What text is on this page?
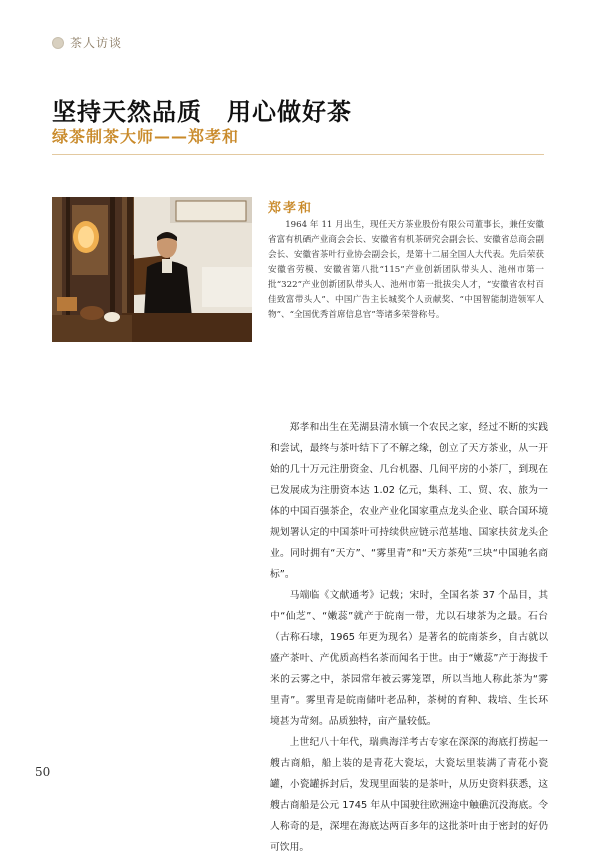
茶人访谈
坚持天然品质　用心做好茶
绿茶制茶大师——郑孝和
郑孝和
1964 年 11 月出生，现任天方茶业股份有限公司董事长，兼任安徽省富有机硒产业商会会长、安徽省有机茶研究会副会长、安徽省总商会副会长、安徽省茶叶行业协会副会长，是第十二届全国人大代表。先后荣获安徽省劳模、安徽省第八批“115”产业创新团队带头人、池州市第一批“322”产业创新团队带头人、池州市第一批拔尖人才，“安徽省农村百佳致富带头人”、中国广告主长城奖个人贡献奖、“中国智能制造领军人物”、“全国优秀首席信息官”等诸多荣誉称号。

郑孝和出生在芜湖县清水镇一个农民之家，经过不断的实践和尝试，最终与茶叶结下了不解之缘，创立了天方茶业，从一开始的几十万元注册资金、几台机器、几间平房的小茶厂，到现在已发展成为注册资本达 1.02 亿元，集科、工、贸、农、旅为一体的中国百强茶企，农业产业化国家重点龙头企业、联合国环境规划署认定的中国茶叶可持续供应链示范基地、国家扶贫龙头企业。同时拥有“天方”、“雾里青”和“天方茶苑”三块“中国驰名商标”。

马端临《文献通考》记载；宋时，全国名茶 37 个品目，其中“仙芝”、“嫩蕊”就产于皖南一带，尤以石埭茶为之最。石台（古称石埭，1965 年更为现名）是著名的皖南茶乡，自古就以盛产茶叶、产优质高档名茶而闻名于世。由于“嫩蕊”产于海拔千米的云雾之中，茶园常年被云雾笼罩，所以当地人称此茶为“雾里青”。雾里青是皖南储叶老品种，茶树的育种、栽培、生长环境甚为苛刻。品质独特，亩产量较低。

上世纪八十年代，瑞典海洋考古专家在深深的海底打捞起一艘古商船，船上装的是青花大瓷坛，大瓷坛里装满了青花小瓷罐，小瓷罐拆封后，发现里面装的是茶叶，从历史资料获悉，这艘古商船是公元 1745 年从中国驶往欧洲途中触礁沉没海底。令人称奇的是，深埋在海底达两百多年的这批茶叶由于密封的好仍可饮用。

50
